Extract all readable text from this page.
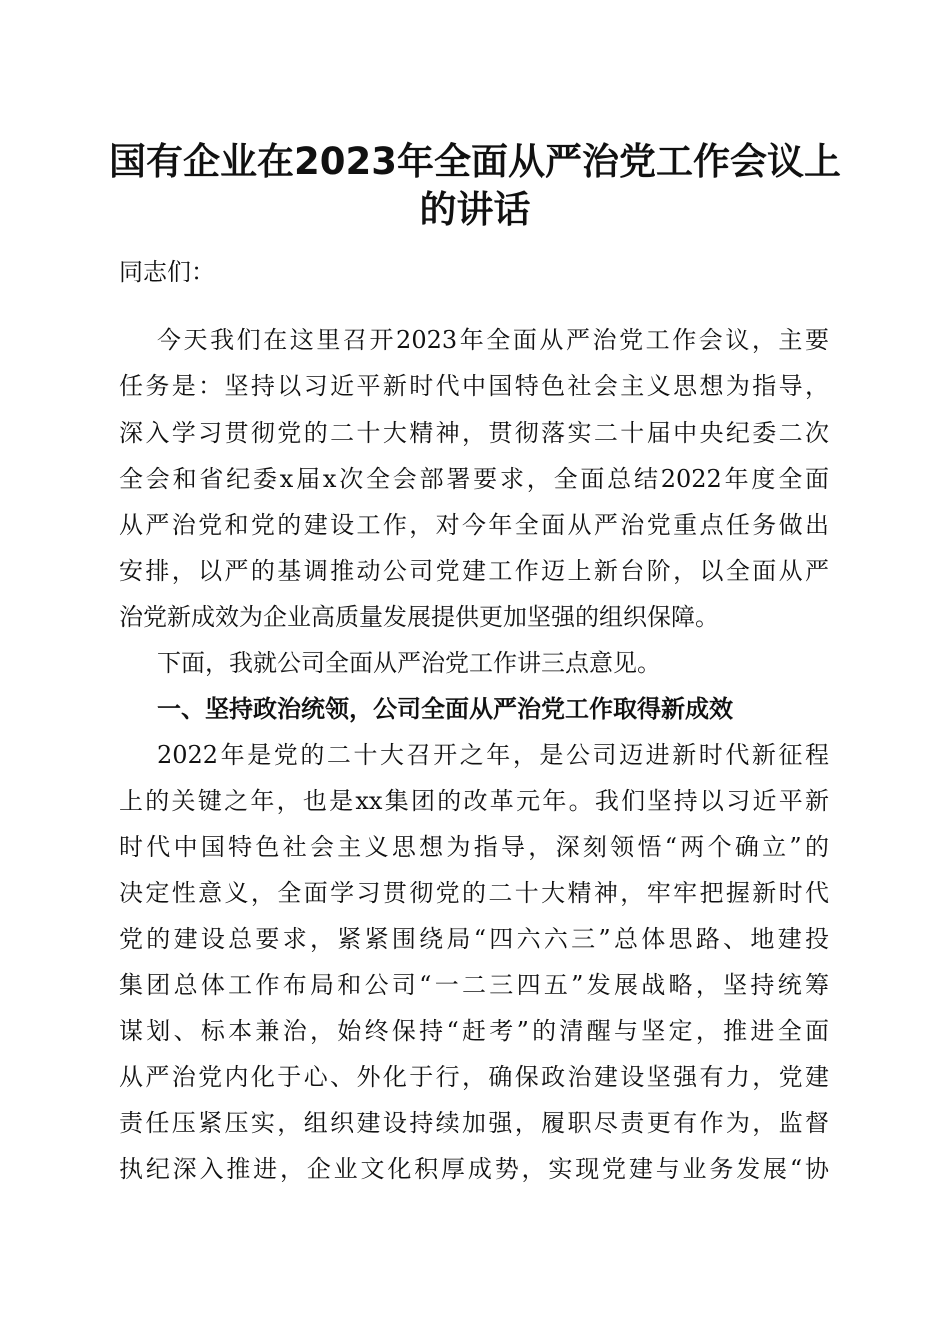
国有企业在2023年全面从严治党工作会议上
的讲话

同志们：

今天我们在这里召开2023年全面从严治党工作会议，主要

任务是：坚持以习近平新时代中国特色社会主义思想为指导，

深入学习贯彻党的二十大精神，贯彻落实二十届中央纪委二次

全会和省纪委x届x次全会部署要求，全面总结2022年度全面

从严治党和党的建设工作，对今年全面从严治党重点任务做出

安排，以严的基调推动公司党建工作迈上新台阶，以全面从严

治党新成效为企业高质量发展提供更加坚强的组织保障。

下面，我就公司全面从严治党工作讲三点意见。

一、坚持政治统领，公司全面从严治党工作取得新成效

2022年是党的二十大召开之年，是公司迈进新时代新征程

上的关键之年，也是xx集团的改革元年。我们坚持以习近平新

时代中国特色社会主义思想为指导，深刻领悟“两个确立”的

决定性意义，全面学习贯彻党的二十大精神，牢牢把握新时代

党的建设总要求，紧紧围绕局“四六六三”总体思路、地建投

集团总体工作布局和公司“一二三四五”发展战略，坚持统筹

谋划、标本兼治，始终保持“赶考”的清醒与坚定，推进全面

从严治党内化于心、外化于行，确保政治建设坚强有力，党建

责任压紧压实，组织建设持续加强，履职尽责更有作为，监督

执纪深入推进，企业文化积厚成势，实现党建与业务发展“协
